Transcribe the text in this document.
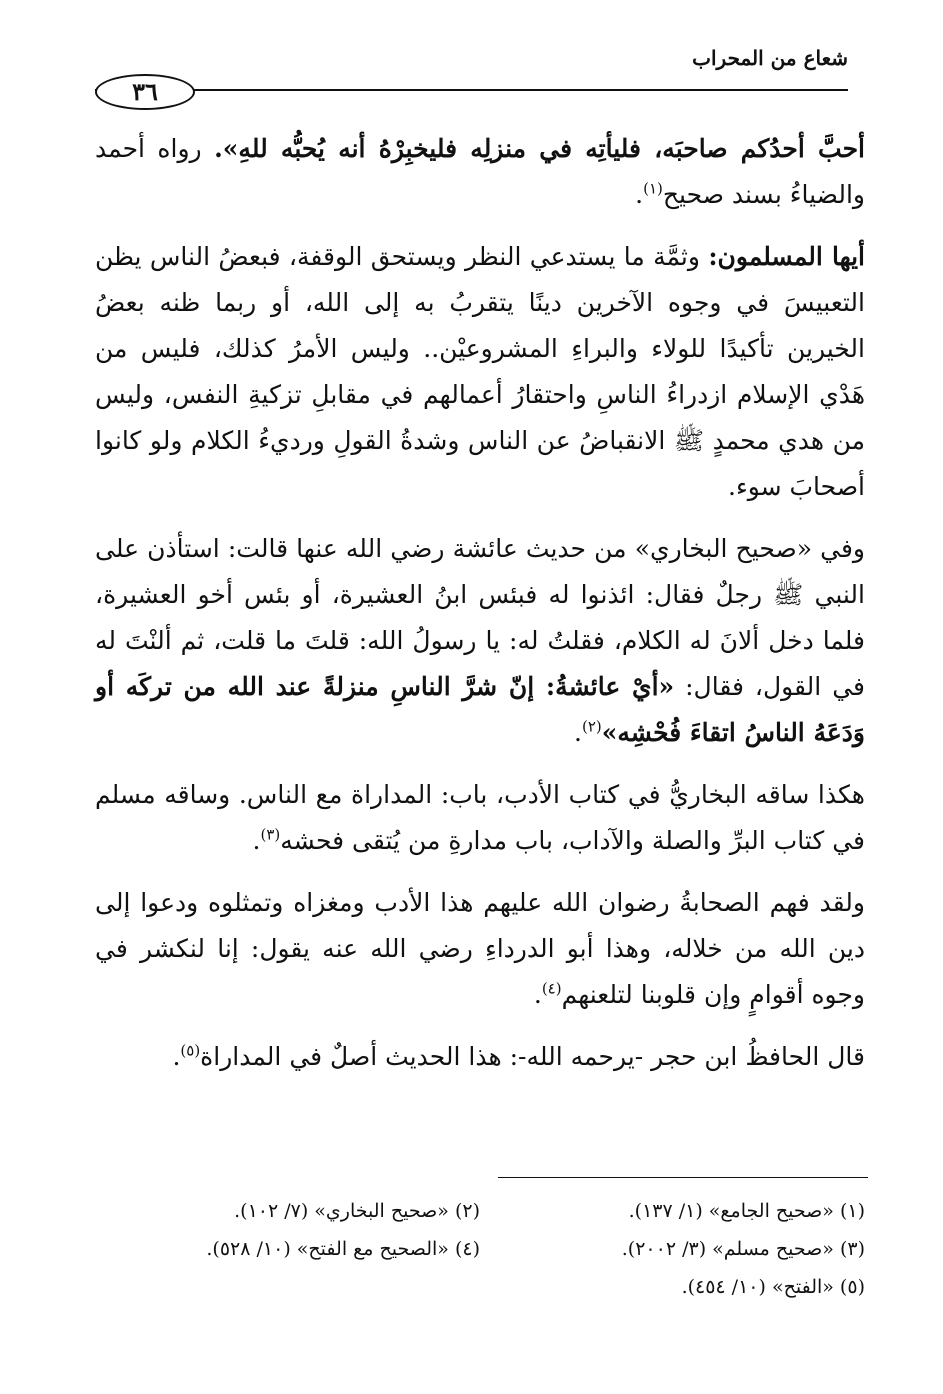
شعاع من المحراب
٣٦

أحبَّ أحدُكم صاحبَه، فليأتِه في منزلِه فليخبِرْهُ أنه يُحبُّه للهِ». رواه أحمد والضياءُ بسند صحيح$^{(١)}$.

أيها المسلمون: وثمَّة ما يستدعي النظر ويستحق الوقفة، فبعضُ الناس يظن التعبيسَ في وجوه الآخرين دينًا يتقربُ به إلى الله، أو ربما ظنه بعضُ الخيرين تأكيدًا للولاء والبراءِ المشروعيْن.. وليس الأمرُ كذلك، فليس من هَدْي الإسلام ازدراءُ الناسِ واحتقارُ أعمالهم في مقابلِ تزكيةِ النفس، وليس من هدي محمدٍ ﷺ الانقباضُ عن الناس وشدةُ القولِ ورديءُ الكلام ولو كانوا أصحابَ سوء.

وفي «صحيح البخاري» من حديث عائشة رضي الله عنها قالت: استأذن على النبي ﷺ رجلٌ فقال: ائذنوا له فبئس ابنُ العشيرة، أو بئس أخو العشيرة، فلما دخل ألانَ له الكلام، فقلتُ له: يا رسولُ الله: قلتَ ما قلت، ثم ألنْتَ له في القول، فقال: «أيْ عائشةُ: إنّ شرَّ الناسِ منزلةً عند الله من تركَه أو وَدَعَهُ الناسُ اتقاءَ فُحْشِه»$^{(٢)}$.

هكذا ساقه البخاريُّ في كتاب الأدب، باب: المداراة مع الناس. وساقه مسلم في كتاب البرِّ والصلة والآداب، باب مدارةِ من يُتقى فحشه$^{(٣)}$.

ولقد فهم الصحابةُ رضوان الله عليهم هذا الأدب ومغزاه وتمثلوه ودعوا إلى دين الله من خلاله، وهذا أبو الدرداءِ رضي الله عنه يقول: إنا لنكشر في وجوه أقوامٍ وإن قلوبنا لتلعنهم$^{(٤)}$.

قال الحافظُ ابن حجر -يرحمه الله-: هذا الحديث أصلٌ في المداراة$^{(٥)}$.

(١) «صحيح الجامع» (١/ ١٣٧).
(٢) «صحيح البخاري» (٧/ ١٠٢).
(٣) «صحيح مسلم» (٣/ ٢٠٠٢).
(٤) «الصحيح مع الفتح» (١٠/ ٥٢٨).
(٥) «الفتح» (١٠/ ٤٥٤).
